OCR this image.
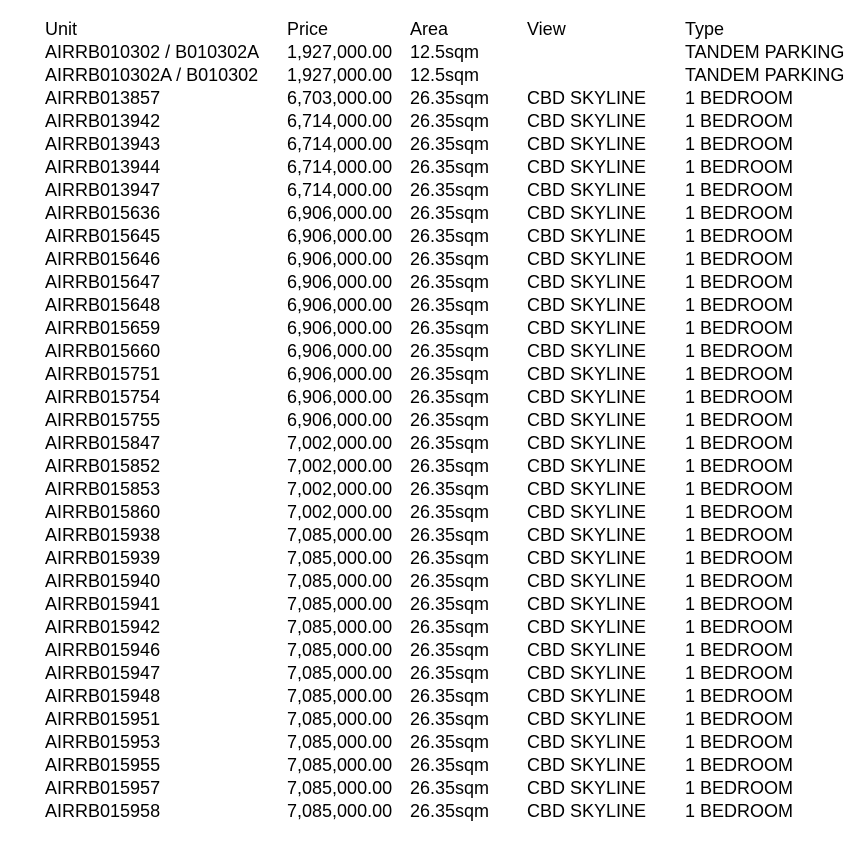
Unit	Price	Area	View	Type
AIRRB010302 / B010302A	1,927,000.00	12.5sqm		TANDEM PARKING
AIRRB010302A / B010302	1,927,000.00	12.5sqm		TANDEM PARKING
AIRRB013857	6,703,000.00	26.35sqm	CBD SKYLINE	1 BEDROOM
AIRRB013942	6,714,000.00	26.35sqm	CBD SKYLINE	1 BEDROOM
AIRRB013943	6,714,000.00	26.35sqm	CBD SKYLINE	1 BEDROOM
AIRRB013944	6,714,000.00	26.35sqm	CBD SKYLINE	1 BEDROOM
AIRRB013947	6,714,000.00	26.35sqm	CBD SKYLINE	1 BEDROOM
AIRRB015636	6,906,000.00	26.35sqm	CBD SKYLINE	1 BEDROOM
AIRRB015645	6,906,000.00	26.35sqm	CBD SKYLINE	1 BEDROOM
AIRRB015646	6,906,000.00	26.35sqm	CBD SKYLINE	1 BEDROOM
AIRRB015647	6,906,000.00	26.35sqm	CBD SKYLINE	1 BEDROOM
AIRRB015648	6,906,000.00	26.35sqm	CBD SKYLINE	1 BEDROOM
AIRRB015659	6,906,000.00	26.35sqm	CBD SKYLINE	1 BEDROOM
AIRRB015660	6,906,000.00	26.35sqm	CBD SKYLINE	1 BEDROOM
AIRRB015751	6,906,000.00	26.35sqm	CBD SKYLINE	1 BEDROOM
AIRRB015754	6,906,000.00	26.35sqm	CBD SKYLINE	1 BEDROOM
AIRRB015755	6,906,000.00	26.35sqm	CBD SKYLINE	1 BEDROOM
AIRRB015847	7,002,000.00	26.35sqm	CBD SKYLINE	1 BEDROOM
AIRRB015852	7,002,000.00	26.35sqm	CBD SKYLINE	1 BEDROOM
AIRRB015853	7,002,000.00	26.35sqm	CBD SKYLINE	1 BEDROOM
AIRRB015860	7,002,000.00	26.35sqm	CBD SKYLINE	1 BEDROOM
AIRRB015938	7,085,000.00	26.35sqm	CBD SKYLINE	1 BEDROOM
AIRRB015939	7,085,000.00	26.35sqm	CBD SKYLINE	1 BEDROOM
AIRRB015940	7,085,000.00	26.35sqm	CBD SKYLINE	1 BEDROOM
AIRRB015941	7,085,000.00	26.35sqm	CBD SKYLINE	1 BEDROOM
AIRRB015942	7,085,000.00	26.35sqm	CBD SKYLINE	1 BEDROOM
AIRRB015946	7,085,000.00	26.35sqm	CBD SKYLINE	1 BEDROOM
AIRRB015947	7,085,000.00	26.35sqm	CBD SKYLINE	1 BEDROOM
AIRRB015948	7,085,000.00	26.35sqm	CBD SKYLINE	1 BEDROOM
AIRRB015951	7,085,000.00	26.35sqm	CBD SKYLINE	1 BEDROOM
AIRRB015953	7,085,000.00	26.35sqm	CBD SKYLINE	1 BEDROOM
AIRRB015955	7,085,000.00	26.35sqm	CBD SKYLINE	1 BEDROOM
AIRRB015957	7,085,000.00	26.35sqm	CBD SKYLINE	1 BEDROOM
AIRRB015958	7,085,000.00	26.35sqm	CBD SKYLINE	1 BEDROOM
